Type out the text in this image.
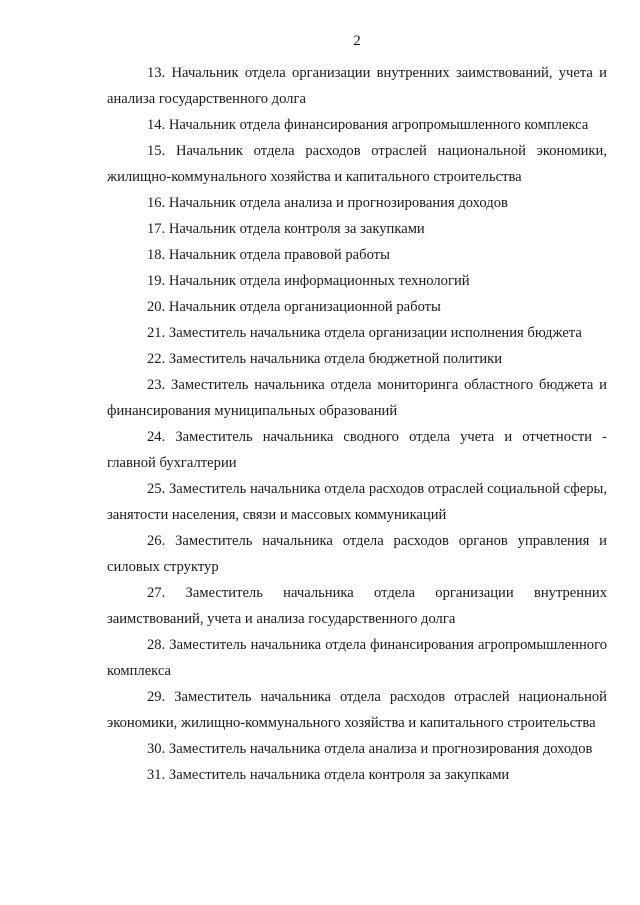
2

13. Начальник отдела организации внутренних заимствований, учета и анализа государственного долга

14. Начальник отдела финансирования агропромышленного комплекса

15. Начальник отдела расходов отраслей национальной экономики, жилищно-коммунального хозяйства и капитального строительства

16. Начальник отдела анализа и прогнозирования доходов

17. Начальник отдела контроля за закупками

18. Начальник отдела правовой работы

19. Начальник отдела информационных технологий

20. Начальник отдела организационной работы

21. Заместитель начальника отдела организации исполнения бюджета

22. Заместитель начальника отдела бюджетной политики

23. Заместитель начальника отдела мониторинга областного бюджета и финансирования муниципальных образований

24. Заместитель начальника сводного отдела учета и отчетности - главной бухгалтерии

25. Заместитель начальника отдела расходов отраслей социальной сферы, занятости населения, связи и массовых коммуникаций

26. Заместитель начальника отдела расходов органов управления и силовых структур

27. Заместитель начальника отдела организации внутренних заимствований, учета и анализа государственного долга

28. Заместитель начальника отдела финансирования агропромышленного комплекса

29. Заместитель начальника отдела расходов отраслей национальной экономики, жилищно-коммунального хозяйства и капитального строительства

30. Заместитель начальника отдела анализа и прогнозирования доходов

31. Заместитель начальника отдела контроля за закупками
